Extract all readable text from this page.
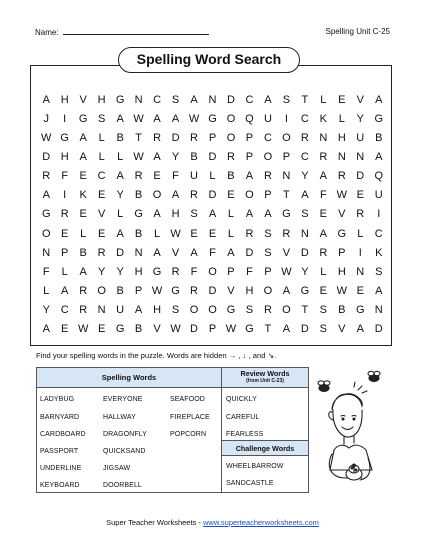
Name:	Spelling Unit C-25
Spelling Word Search
A H V H G N C S	A N D C A	S	T	L	E	V	A
J	I	G S	A W A	A W G O Q U	I	C K	L	Y G
W G A	L	B	T	R D R P O P C O R N H U B
D H A	L	L W A	Y	B D R P O P C R N N A
R	F	E C A R E	F	U	L	B	A R N Y	A R D Q
A	I	K	E	Y	B O A R D E O P	T	A	F W E U
G R E	V	L	G A H S	A	L	A	A G S	E	V R	I
O E	L	E	A	B	L W E	E	L	R S R N A G	L	C
N P	B R D N A	V	A	F	A D S	V D R P	I	K
F	L	A	Y	Y H G R	F O P	F	P W Y	L	H N S
L	A R O B	P W G R D V H O A G E W E	A
Y C R N U A H S O O G S R O T	S	B G N
A	E W E G B	V W D P W G T	A D S	V	A D
Find your spelling words in the puzzle. Words are hidden → , ↓ , and ↘.
Spelling Words	Review Words
(from Unit C-23)
Challenge Words
LADYBUG	EVERYONE	SEAFOOD
BARNYARD	HALLWAY	FIREPLACE
CARDBOARD DRAGONFLY	POPCORN
PASSPORT	QUICKSAND
UNDERLINE	JIGSAW
KEYBOARD	DOORBELL
QUICKLY
CAREFUL
FEARLESS
WHEELBARROW
SANDCASTLE
Super Teacher Worksheets - www.superteacherworksheets.com
